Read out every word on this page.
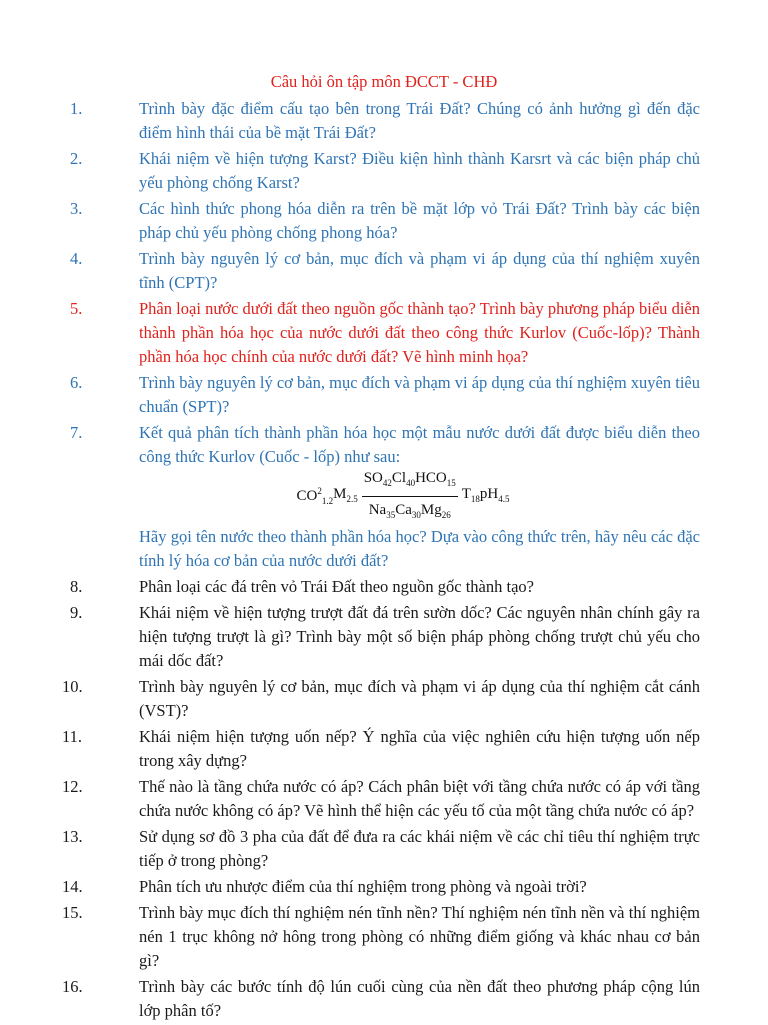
Câu hỏi ôn tập môn ĐCCT - CHĐ
1.	Trình bày đặc điểm cấu tạo bên trong Trái Đất? Chúng có ảnh hưởng gì đến đặc điểm hình thái của bề mặt Trái Đất?
2.	Khái niệm về hiện tượng Karst? Điều kiện hình thành Karsrt và các biện pháp chủ yếu phòng chống Karst?
3.	Các hình thức phong hóa diễn ra trên bề mặt lớp vỏ Trái Đất? Trình bày các biện pháp chủ yếu phòng chống phong hóa?
4.	Trình bày nguyên lý cơ bản, mục đích và phạm vi áp dụng của thí nghiệm xuyên tĩnh (CPT)?
5.	Phân loại nước dưới đất theo nguồn gốc thành tạo? Trình bày phương pháp biểu diễn thành phần hóa học của nước dưới đất theo công thức Kurlov (Cuốc-lốp)? Thành phần hóa học chính của nước dưới đất? Vẽ hình minh họa?
6.	Trình bày nguyên lý cơ bản, mục đích và phạm vi áp dụng của thí nghiệm xuyên tiêu chuẩn (SPT)?
7.	Kết quả phân tích thành phần hóa học một mẫu nước dưới đất được biểu diễn theo công thức Kurlov (Cuốc - lốp) như sau:
$CO^2_{1.2}$ $M_{2.5} \frac{SO_{42}Cl_{40}HCO_{15}}{Na_{35}Ca_{30}Mg_{26}} T_{18}$ $pH_{4.5}$
Hãy gọi tên nước theo thành phần hóa học? Dựa vào công thức trên, hãy nêu các đặc tính lý hóa cơ bản của nước dưới đất?
8.	Phân loại các đá trên vỏ Trái Đất theo nguồn gốc thành tạo?
9.	Khái niệm về hiện tượng trượt đất đá trên sườn dốc? Các nguyên nhân chính gây ra hiện tượng trượt là gì? Trình bày một số biện pháp phòng chống trượt chủ yếu cho mái dốc đất?
10.	Trình bày nguyên lý cơ bản, mục đích và phạm vi áp dụng của thí nghiệm cắt cánh (VST)?
11.	Khái niệm hiện tượng uốn nếp? Ý nghĩa của việc nghiên cứu hiện tượng uốn nếp trong xây dựng?
12.	Thế nào là tầng chứa nước có áp? Cách phân biệt với tầng chứa nước có áp với tầng chứa nước không có áp? Vẽ hình thể hiện các yếu tố của một tầng chứa nước có áp?
13.	Sử dụng sơ đồ 3 pha của đất để đưa ra các khái niệm về các chỉ tiêu thí nghiệm trực tiếp ở trong phòng?
14.	Phân tích ưu nhược điểm của thí nghiệm trong phòng và ngoài trời?
15.	Trình bày mục đích thí nghiệm nén tĩnh nền? Thí nghiệm nén tĩnh nền và thí nghiệm nén 1 trục không nở hông trong phòng có những điểm giống và khác nhau cơ bản gì?
16.	Trình bày các bước tính độ lún cuối cùng của nền đất theo phương pháp cộng lún lớp phân tố?
